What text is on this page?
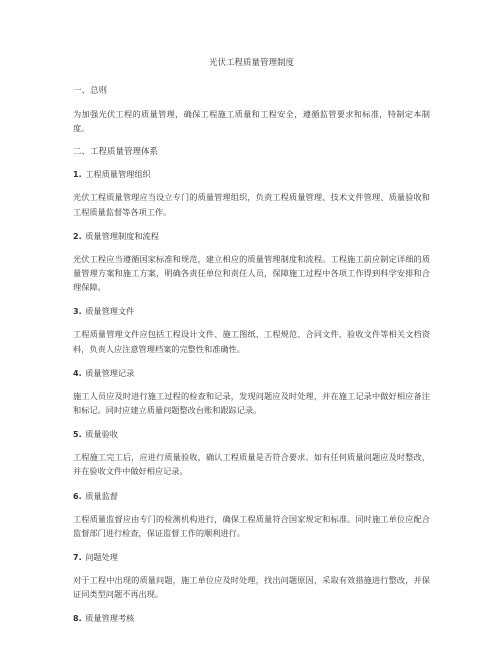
光伏工程质量管理制度
一、总则
为加强光伏工程的质量管理，确保工程施工质量和工程安全，遵循监管要求和标准，特制定本制度。
二、工程质量管理体系
1. 工程质量管理组织
光伏工程质量管理应当设立专门的质量管理组织，负责工程质量管理、技术文件管理、质量验收和工程质量监督等各项工作。
2. 质量管理制度和流程
光伏工程应当遵循国家标准和规范，建立相应的质量管理制度和流程。工程施工前应制定详细的质量管理方案和施工方案，明确各责任单位和责任人员，保障施工过程中各项工作得到科学安排和合理保障。
3. 质量管理文件
工程质量管理文件应包括工程设计文件、施工图纸、工程规范、合同文件、验收文件等相关文档资料，负责人应注意管理档案的完整性和准确性。
4. 质量管理记录
施工人员应及时进行施工过程的检查和记录，发现问题应及时处理，并在施工记录中做好相应备注和标记。同时应建立质量问题整改台账和跟踪记录。
5. 质量验收
工程施工完工后，应进行质量验收，确认工程质量是否符合要求。如有任何质量问题应及时整改，并在验收文件中做好相应记录。
6. 质量监督
工程质量监督应由专门的检测机构进行，确保工程质量符合国家规定和标准。同时施工单位应配合监督部门进行检查，保证监督工作的顺利进行。
7. 问题处理
对于工程中出现的质量问题，施工单位应及时处理，找出问题原因，采取有效措施进行整改，并保证同类型问题不再出现。
8. 质量管理考核
